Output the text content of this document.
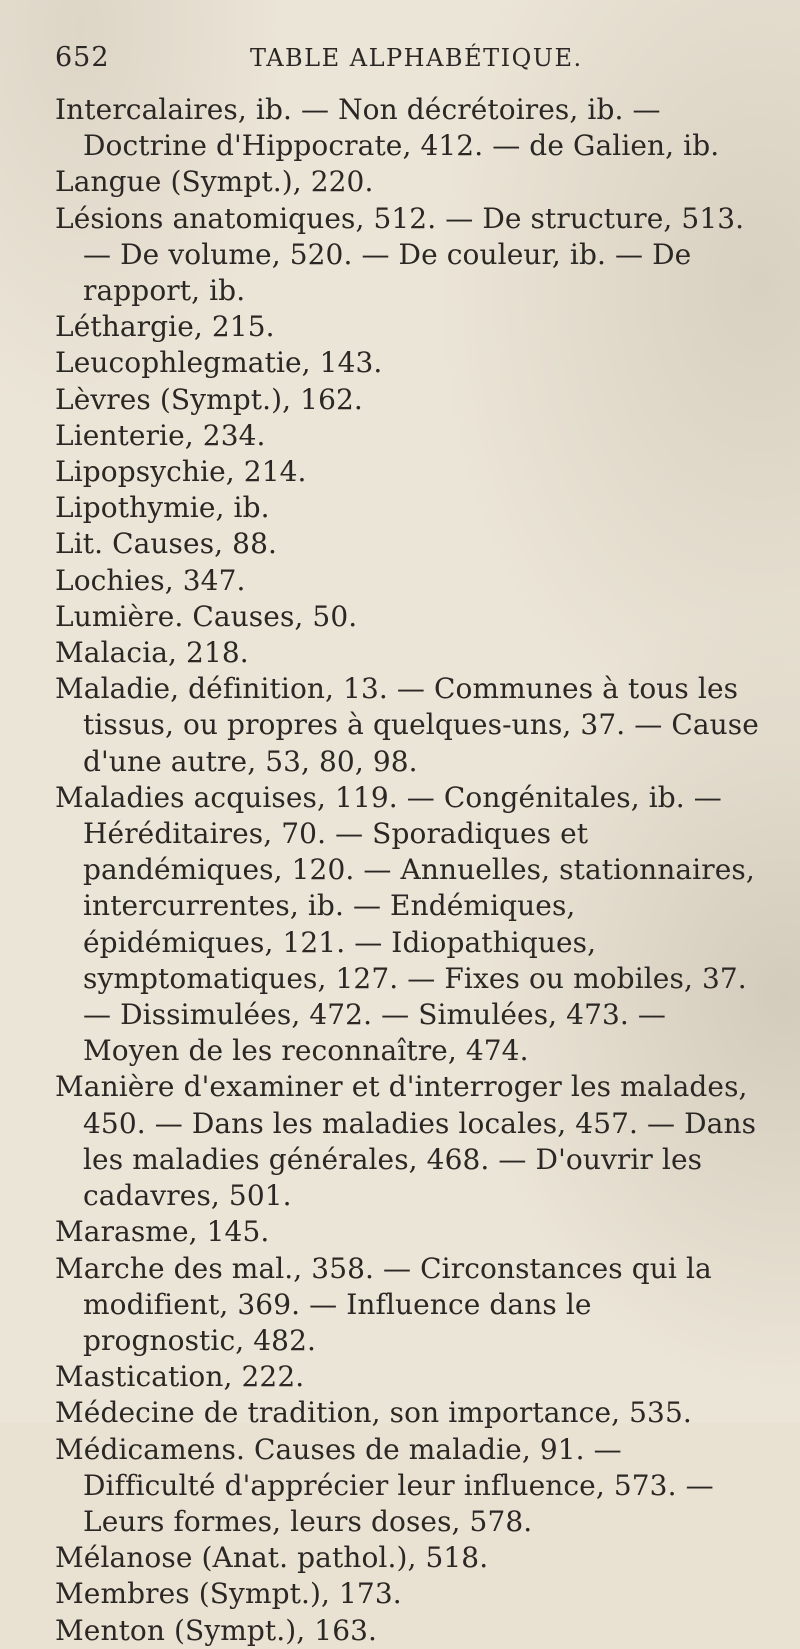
652	TABLE ALPHABÉTIQUE.
Intercalaires, ib. — Non décrétoires, ib. — Doctrine d'Hippocrate, 412. — de Galien, ib.
Langue (Sympt.), 220.
Lésions anatomiques, 512. — De structure, 513. — De volume, 520. — De couleur, ib. — De rapport, ib.
Léthargie, 215.
Leucophlegmatie, 143.
Lèvres (Sympt.), 162.
Lienterie, 234.
Lipopsychie, 214.
Lipothymie, ib.
Lit. Causes, 88.
Lochies, 347.
Lumière. Causes, 50.
Malacia, 218.
Maladie, définition, 13. — Communes à tous les tissus, ou propres à quelques-uns, 37. — Cause d'une autre, 53, 80, 98.
Maladies acquises, 119. — Congénitales, ib. — Héréditaires, 70. — Sporadiques et pandémiques, 120. — Annuelles, stationnaires, intercurrentes, ib. — Endémiques, épidémiques, 121. — Idiopathiques, symptomatiques, 127. — Fixes ou mobiles, 37. — Dissimulées, 472. — Simulées, 473. — Moyen de les reconnaître, 474.
Manière d'examiner et d'interroger les malades, 450. — Dans les maladies locales, 457. — Dans les maladies générales, 468. — D'ouvrir les cadavres, 501.
Marasme, 145.
Marche des mal., 358. — Circonstances qui la modifient, 369. — Influence dans le prognostic, 482.
Mastication, 222.
Médecine de tradition, son importance, 535.
Médicamens. Causes de maladie, 91. — Difficulté d'apprécier leur influence, 573. — Leurs formes, leurs doses, 578.
Mélanose (Anat. pathol.), 518.
Membres (Sympt.), 173.
Menton (Sympt.), 163.
